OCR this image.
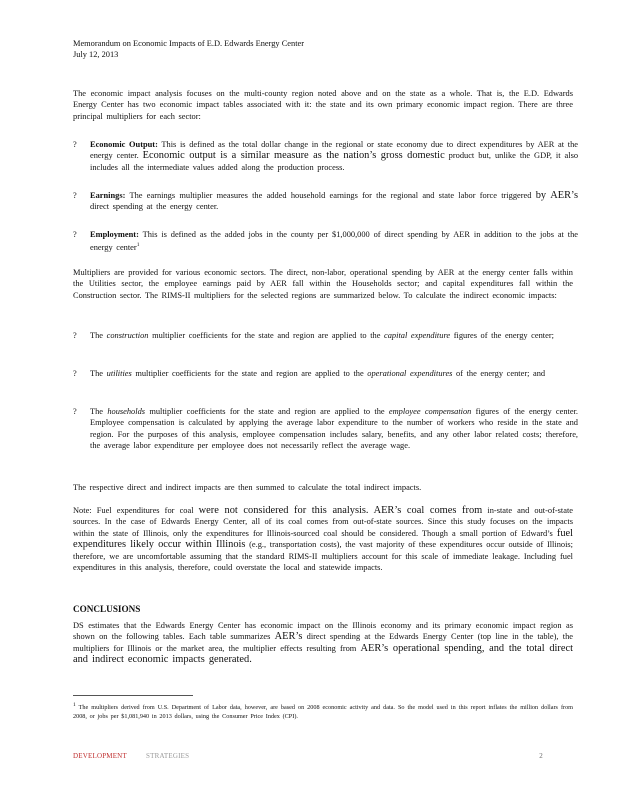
Memorandum on Economic Impacts of E.D. Edwards Energy Center
July 12, 2013
The economic impact analysis focuses on the multi-county region noted above and on the state as a whole. That is, the E.D. Edwards Energy Center has two economic impact tables associated with it: the state and its own primary economic impact region. There are three principal multipliers for each sector:
?	Economic Output: This is defined as the total dollar change in the regional or state economy due to direct expenditures by AER at the energy center. Economic output is a similar measure as the nation’s gross domestic product but, unlike the GDP, it also includes all the intermediate values added along the production process.
?	Earnings: The earnings multiplier measures the added household earnings for the regional and state labor force triggered by AER’s direct spending at the energy center.
?	Employment: This is defined as the added jobs in the county per $1,000,000 of direct spending by AER in addition to the jobs at the energy center$^1$
Multipliers are provided for various economic sectors. The direct, non-labor, operational spending by AER at the energy center falls within the Utilities sector, the employee earnings paid by AER fall within the Households sector; and capital expenditures fall within the Construction sector. The RIMS-II multipliers for the selected regions are summarized below. To calculate the indirect economic impacts:
?	The construction multiplier coefficients for the state and region are applied to the capital expenditure figures of the energy center;
?	The utilities multiplier coefficients for the state and region are applied to the operational expenditures of the energy center; and
?	The households multiplier coefficients for the state and region are applied to the employee compensation figures of the energy center. Employee compensation is calculated by applying the average labor expenditure to the number of workers who reside in the state and region. For the purposes of this analysis, employee compensation includes salary, benefits, and any other labor related costs; therefore, the average labor expenditure per employee does not necessarily reflect the average wage.
The respective direct and indirect impacts are then summed to calculate the total indirect impacts.
Note: Fuel expenditures for coal were not considered for this analysis. AER’s coal comes from in-state and out-of-state sources. In the case of Edwards Energy Center, all of its coal comes from out-of-state sources. Since this study focuses on the impacts within the state of Illinois, only the expenditures for Illinois-sourced coal should be considered. Though a small portion of Edward’s fuel expenditures likely occur within Illinois (e.g., transportation costs), the vast majority of these expenditures occur outside of Illinois; therefore, we are uncomfortable assuming that the standard RIMS-II multipliers account for this scale of immediate leakage. Including fuel expenditures in this analysis, therefore, could overstate the local and statewide impacts.
CONCLUSIONS
DS estimates that the Edwards Energy Center has economic impact on the Illinois economy and its primary economic impact region as shown on the following tables. Each table summarizes AER’s direct spending at the Edwards Energy Center (top line in the table), the multipliers for Illinois or the market area, the multiplier effects resulting from AER’s operational spending, and the total direct and indirect economic impacts generated.
$^1$ The multipliers derived from U.S. Department of Labor data, however, are based on 2008 economic activity and data. So the model used in this report inflates the million dollars from 2008, or jobs per $1,081,940 in 2013 dollars, using the Consumer Price Index (CPI).
DEVELOPMENT	STRATEGIES	2
